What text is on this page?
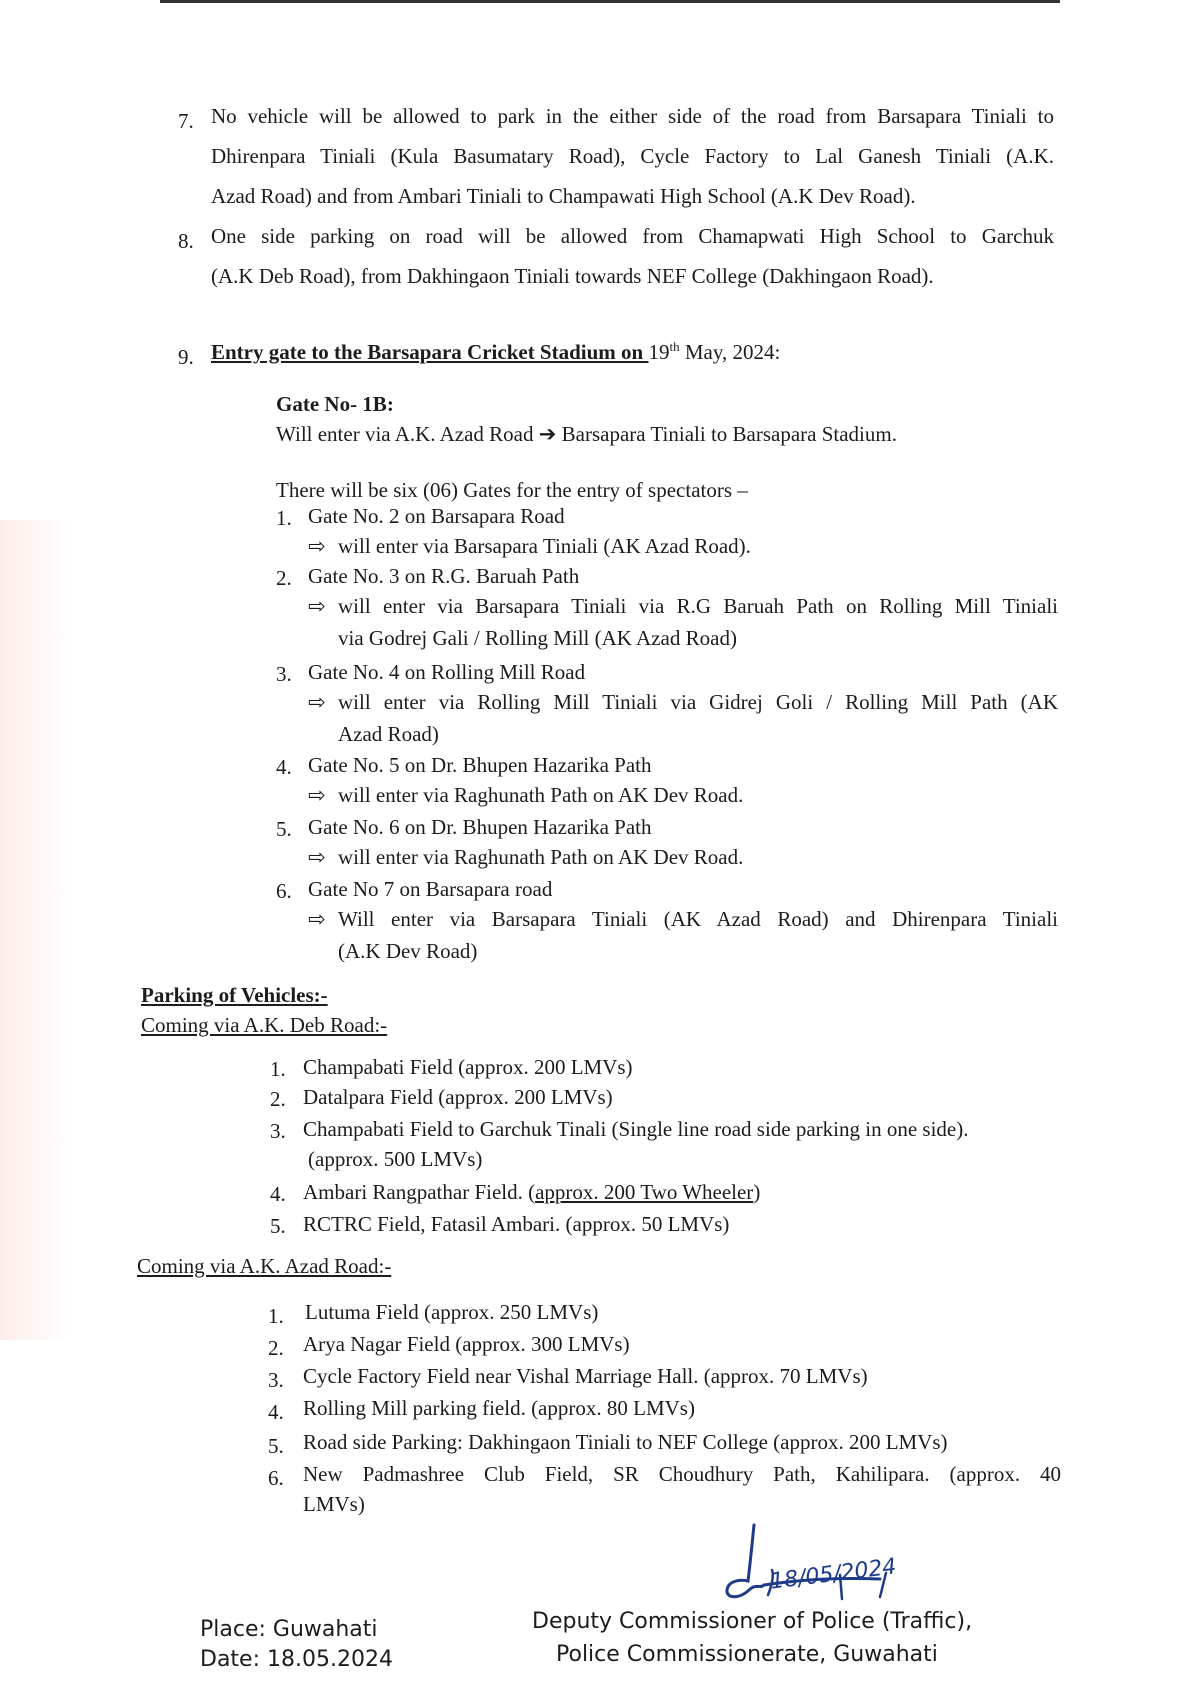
7. No vehicle will be allowed to park in the either side of the road from Barsapara Tiniali to
Dhirenpara Tiniali (Kula Basumatary Road), Cycle Factory to Lal Ganesh Tiniali (A.K.
Azad Road) and from Ambari Tiniali to Champawati High School (A.K Dev Road).
8. One side parking on road will be allowed from Chamapwati High School to Garchuk
(A.K Deb Road), from Dakhingaon Tiniali towards NEF College (Dakhingaon Road).
9. Entry gate to the Barsapara Cricket Stadium on 19th May, 2024:
Gate No- 1B:
Will enter via A.K. Azad Road ➔ Barsapara Tiniali to Barsapara Stadium.
There will be six (06) Gates for the entry of spectators –
1. Gate No. 2 on Barsapara Road
⇨ will enter via Barsapara Tiniali (AK Azad Road).
2. Gate No. 3 on R.G. Baruah Path
⇨ will enter via Barsapara Tiniali via R.G Baruah Path on Rolling Mill Tiniali
via Godrej Gali / Rolling Mill (AK Azad Road)
3. Gate No. 4 on Rolling Mill Road
⇨ will enter via Rolling Mill Tiniali via Gidrej Goli / Rolling Mill Path (AK
Azad Road)
4. Gate No. 5 on Dr. Bhupen Hazarika Path
⇨ will enter via Raghunath Path on AK Dev Road.
5. Gate No. 6 on Dr. Bhupen Hazarika Path
⇨ will enter via Raghunath Path on AK Dev Road.
6. Gate No 7 on Barsapara road
⇨ Will enter via Barsapara Tiniali (AK Azad Road) and Dhirenpara Tiniali
(A.K Dev Road)
Parking of Vehicles:-
Coming via A.K. Deb Road:-
1. Champabati Field (approx. 200 LMVs)
2. Datalpara Field (approx. 200 LMVs)
3. Champabati Field to Garchuk Tinali (Single line road side parking in one side).
(approx. 500 LMVs)
4. Ambari Rangpathar Field. (approx. 200 Two Wheeler)
5. RCTRC Field, Fatasil Ambari. (approx. 50 LMVs)
Coming via A.K. Azad Road:-
1. Lutuma Field (approx. 250 LMVs)
2. Arya Nagar Field (approx. 300 LMVs)
3. Cycle Factory Field near Vishal Marriage Hall. (approx. 70 LMVs)
4. Rolling Mill parking field. (approx. 80 LMVs)
5. Road side Parking: Dakhingaon Tiniali to NEF College (approx. 200 LMVs)
6. New Padmashree Club Field, SR Choudhury Path, Kahilipara. (approx. 40
LMVs)
18/05/2024
Place: Guwahati
Date: 18.05.2024
Deputy Commissioner of Police (Traffic),
Police Commissionerate, Guwahati
